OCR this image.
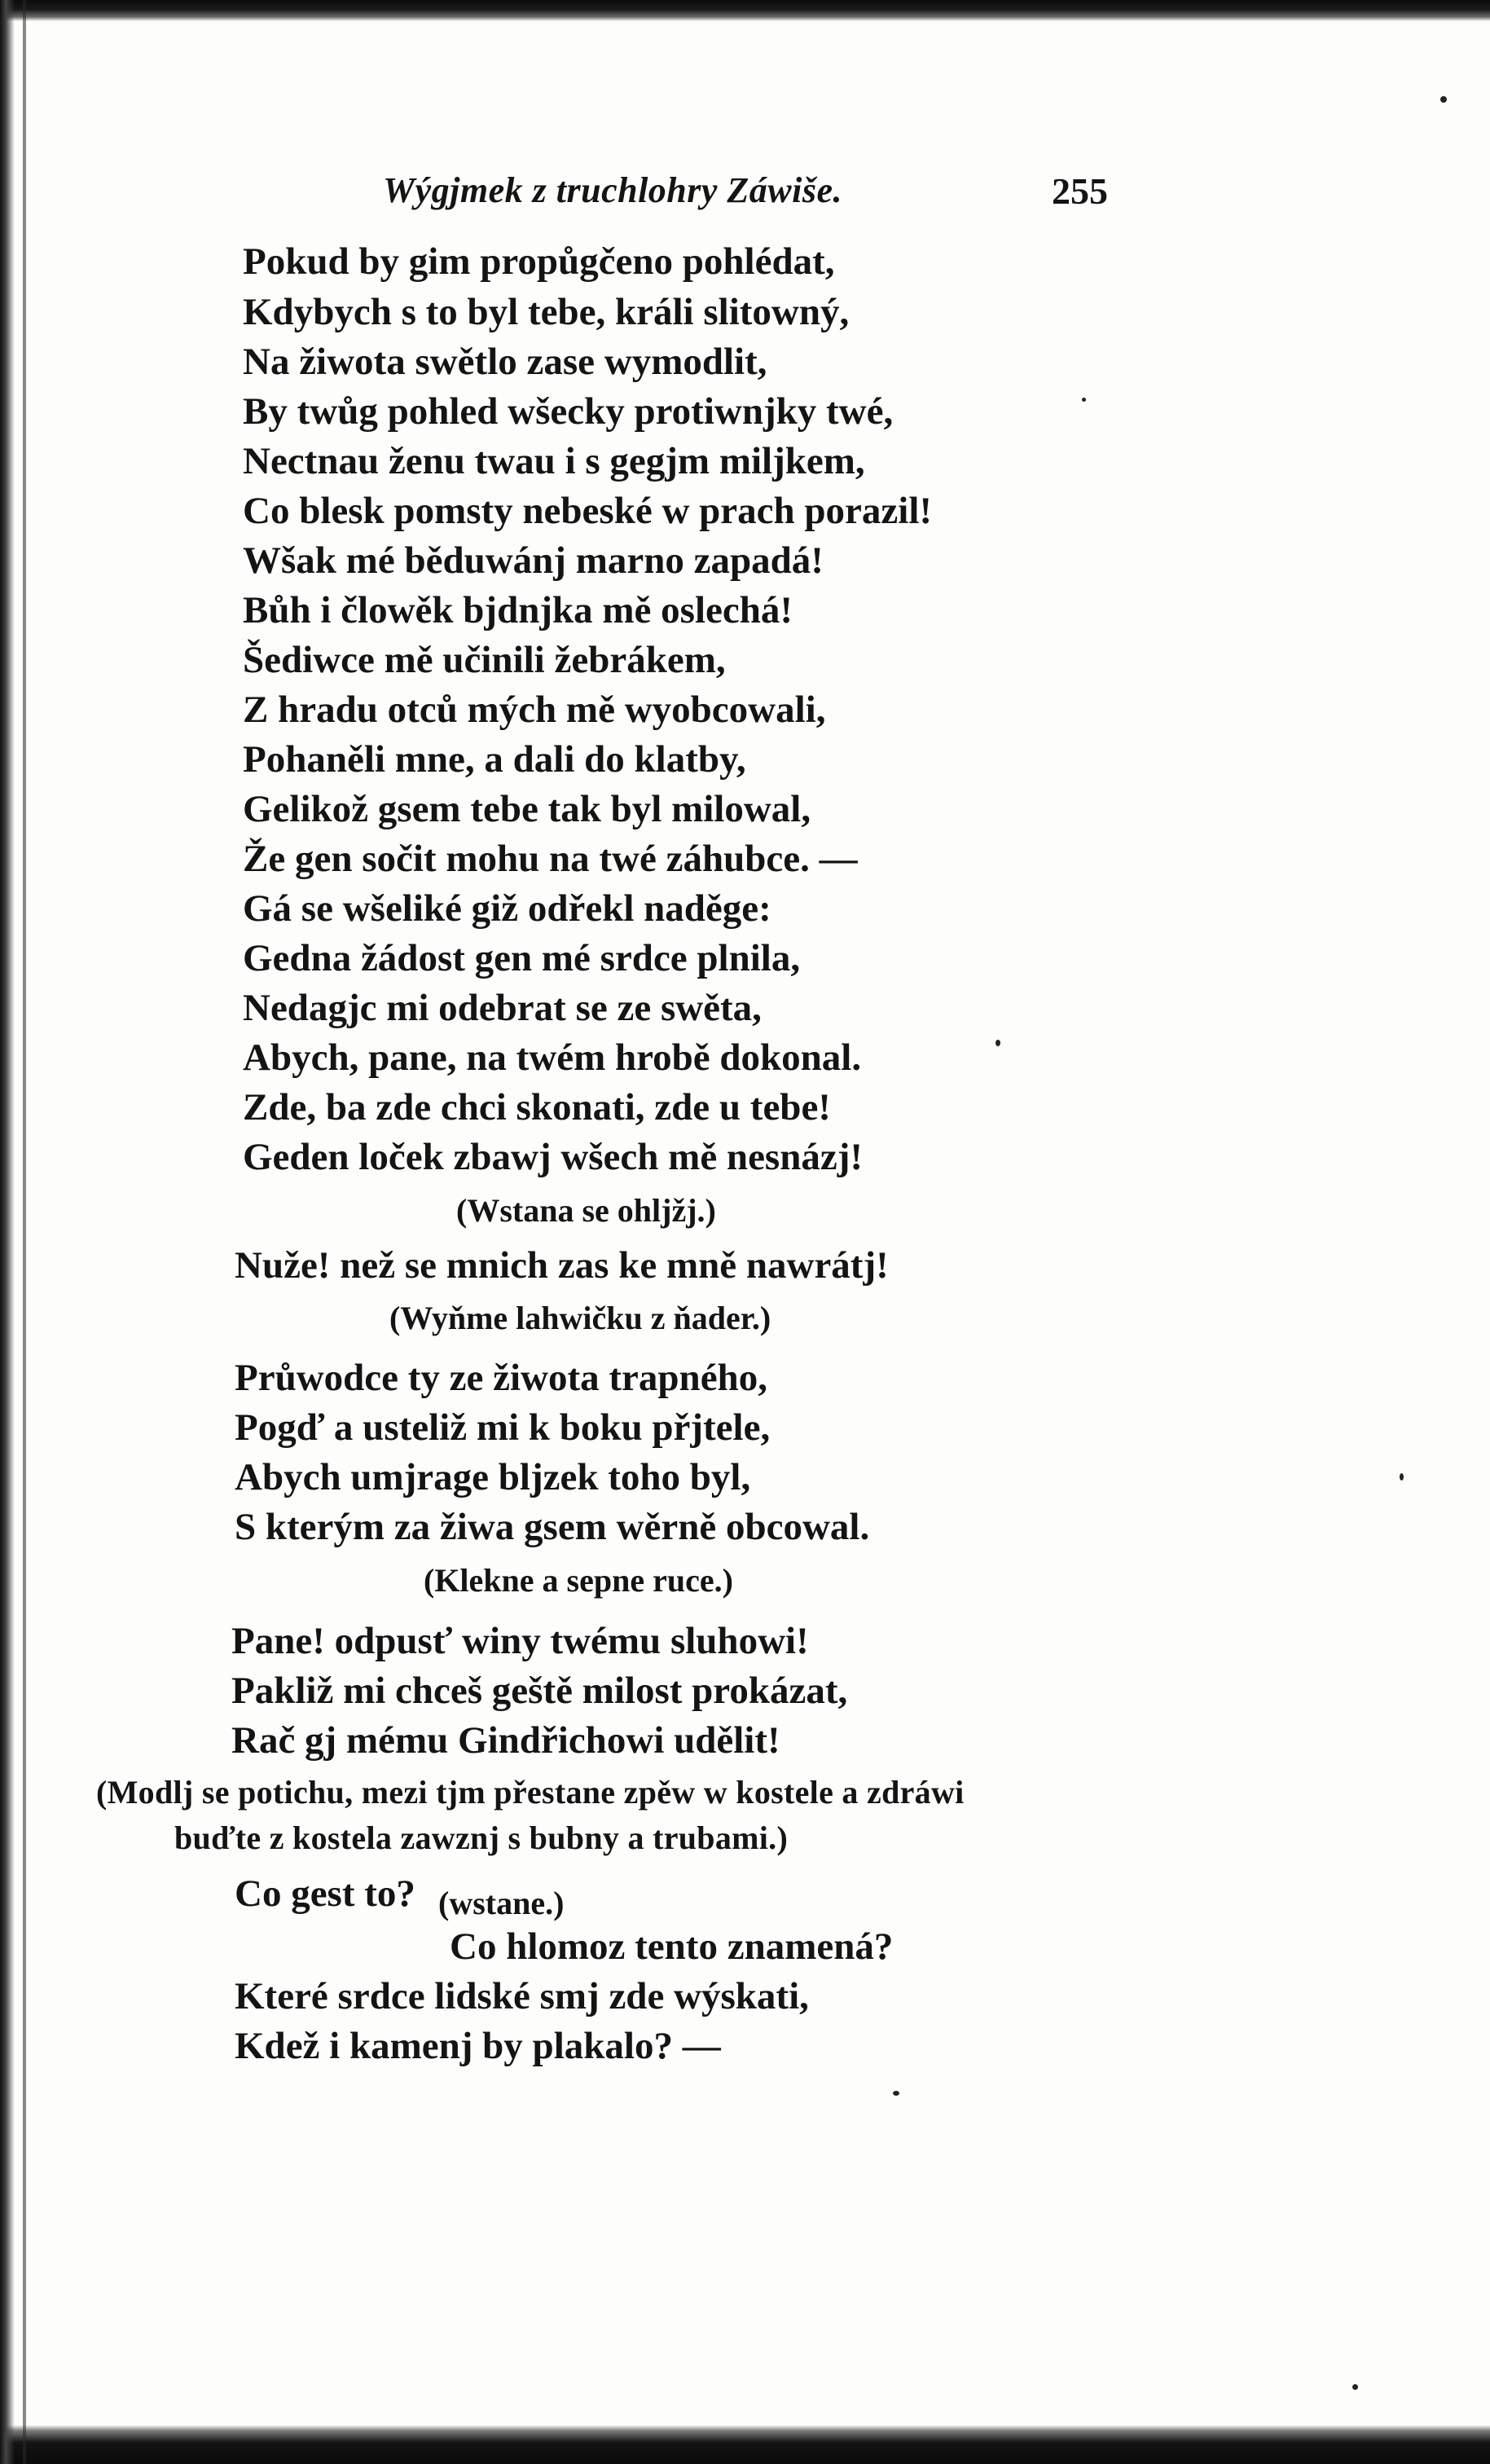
Wýgjmek z truchlohry Záwiše.	255
Pokud by gim propůgčeno pohlédat,
Kdybych s to byl tebe, králi slitowný,
Na žiwota swětlo zase wymodlit,
By twůg pohled wšecky protiwnjky twé,
Nectnau ženu twau i s gegjm miljkem,
Co blesk pomsty nebeské w prach porazil!
Wšak mé běduwánj marno zapadá!
Bůh i člowěk bjdnjka mě oslechá!
Šediwce mě učinili žebrákem,
Z hradu otců mých mě wyobcowali,
Pohaněli mne, a dali do klatby,
Gelikož gsem tebe tak byl milowal,
Že gen sočit mohu na twé záhubce. —
Gá se wšeliké giž odřekl naděge:
Gedna žádost gen mé srdce plnila,
Nedagjc mi odebrat se ze swěta,
Abych, pane, na twém hrobě dokonal.
Zde, ba zde chci skonati, zde u tebe!
Geden loček zbawj wšech mě nesnázj!
(Wstana se ohljžj.)
Nuže! než se mnich zas ke mně nawrátj!
(Wyňme lahwičku z ňader.)
Průwodce ty ze žiwota trapného,
Pogď a usteliž mi k boku přjtele,
Abych umjrage bljzek toho byl,
S kterým za žiwa gsem wěrně obcowal.
(Klekne a sepne ruce.)
Pane! odpusť winy twému sluhowi!
Pakliž mi chceš geště milost prokázat,
Rač gj mému Gindřichowi udělit!
(Modlj se potichu, mezi tjm přestane zpěw w kostele a zdráwi
buďte z kostela zawznj s bubny a trubami.)
Co gest to? (wstane.)
Co hlomoz tento znamená?
Které srdce lidské smj zde wýskati,
Kdež i kamenj by plakalo? —
